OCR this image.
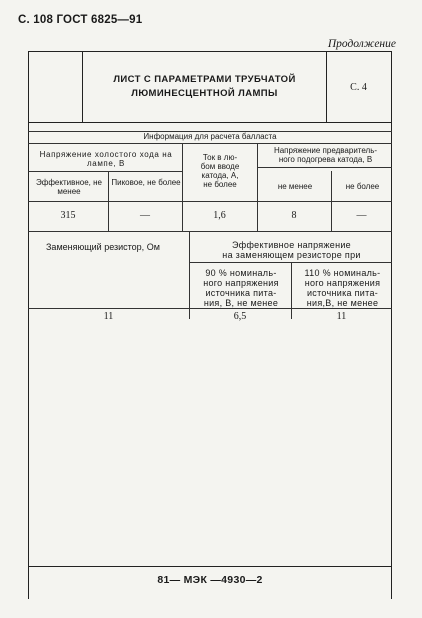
С. 108 ГОСТ 6825—91
Продолжение
ЛИСТ С ПАРАМЕТРАМИ ТРУБЧАТОЙ
ЛЮМИНЕСЦЕНТНОЙ ЛАМПЫ
С. 4
Информация для расчета балласта
Напряжение холостого хода на лампе, В
Эффективное, не менее
Пиковое, не более
Ток в лю-
бом вводе
катода, А,
не более
Напряжение предваритель-
ного подогрева катода, В
не менее	не более
315	—	1,6	8	—
Заменяющий резистор, Ом	Эффективное напряжение
на заменяющем резисторе при
90 % номиналь-
ного напряжения
источника пита-
ния, В, не менее
110 % номиналь-
ного напряжения
источника пита-
ния,В, не менее
11	6,5	11
81— МЭК —4930—2
